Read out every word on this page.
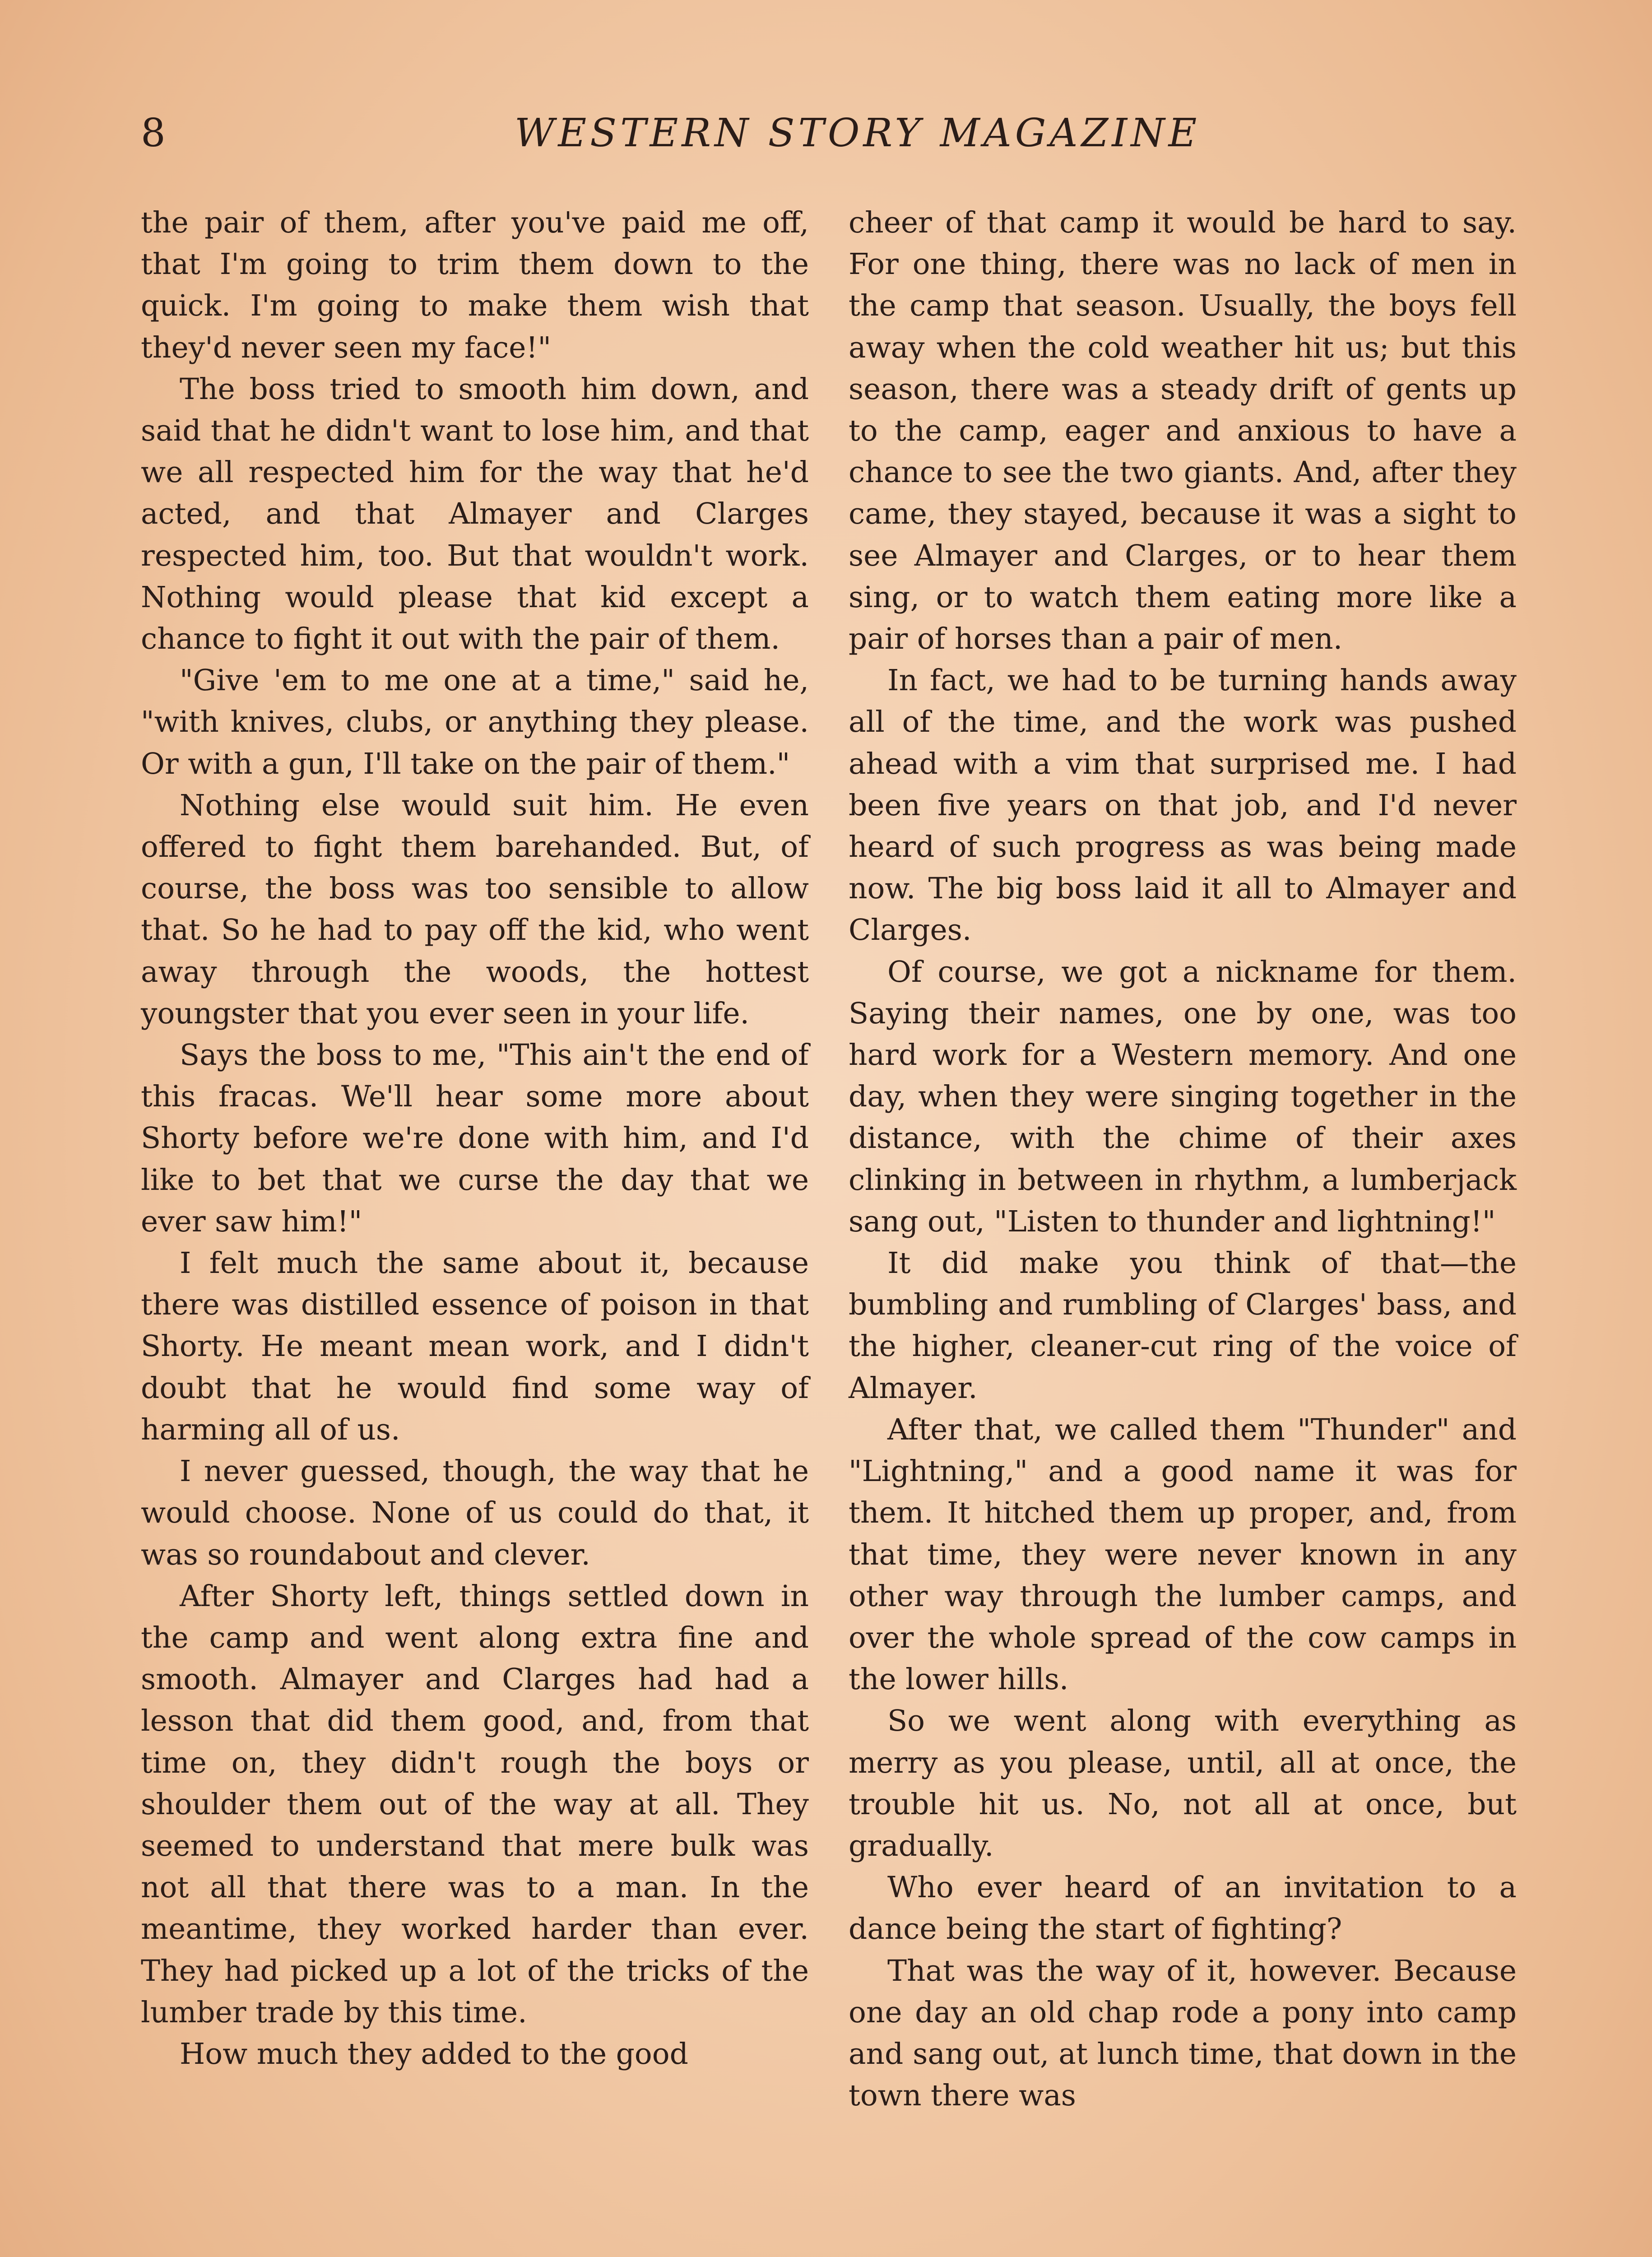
8	WESTERN STORY MAGAZINE

the pair of them, after you've paid me off, that I'm going to trim them down to the quick. I'm going to make them wish that they'd never seen my face!"

The boss tried to smooth him down, and said that he didn't want to lose him, and that we all respected him for the way that he'd acted, and that Almayer and Clarges respected him, too. But that wouldn't work. Nothing would please that kid except a chance to fight it out with the pair of them.

"Give 'em to me one at a time," said he, "with knives, clubs, or anything they please. Or with a gun, I'll take on the pair of them."

Nothing else would suit him. He even offered to fight them barehanded. But, of course, the boss was too sensible to allow that. So he had to pay off the kid, who went away through the woods, the hottest youngster that you ever seen in your life.

Says the boss to me, "This ain't the end of this fracas. We'll hear some more about Shorty before we're done with him, and I'd like to bet that we curse the day that we ever saw him!"

I felt much the same about it, because there was distilled essence of poison in that Shorty. He meant mean work, and I didn't doubt that he would find some way of harming all of us.

I never guessed, though, the way that he would choose. None of us could do that, it was so roundabout and clever.

After Shorty left, things settled down in the camp and went along extra fine and smooth. Almayer and Clarges had had a lesson that did them good, and, from that time on, they didn't rough the boys or shoulder them out of the way at all. They seemed to understand that mere bulk was not all that there was to a man. In the meantime, they worked harder than ever. They had picked up a lot of the tricks of the lumber trade by this time.

How much they added to the good

cheer of that camp it would be hard to say. For one thing, there was no lack of men in the camp that season. Usually, the boys fell away when the cold weather hit us; but this season, there was a steady drift of gents up to the camp, eager and anxious to have a chance to see the two giants. And, after they came, they stayed, because it was a sight to see Almayer and Clarges, or to hear them sing, or to watch them eating more like a pair of horses than a pair of men.

In fact, we had to be turning hands away all of the time, and the work was pushed ahead with a vim that surprised me. I had been five years on that job, and I'd never heard of such progress as was being made now. The big boss laid it all to Almayer and Clarges.

Of course, we got a nickname for them. Saying their names, one by one, was too hard work for a Western memory. And one day, when they were singing together in the distance, with the chime of their axes clinking in between in rhythm, a lumberjack sang out, "Listen to thunder and lightning!"

It did make you think of that—the bumbling and rumbling of Clarges' bass, and the higher, cleaner-cut ring of the voice of Almayer.

After that, we called them "Thunder" and "Lightning," and a good name it was for them. It hitched them up proper, and, from that time, they were never known in any other way through the lumber camps, and over the whole spread of the cow camps in the lower hills.

So we went along with everything as merry as you please, until, all at once, the trouble hit us. No, not all at once, but gradually.

Who ever heard of an invitation to a dance being the start of fighting?

That was the way of it, however. Because one day an old chap rode a pony into camp and sang out, at lunch time, that down in the town there was
